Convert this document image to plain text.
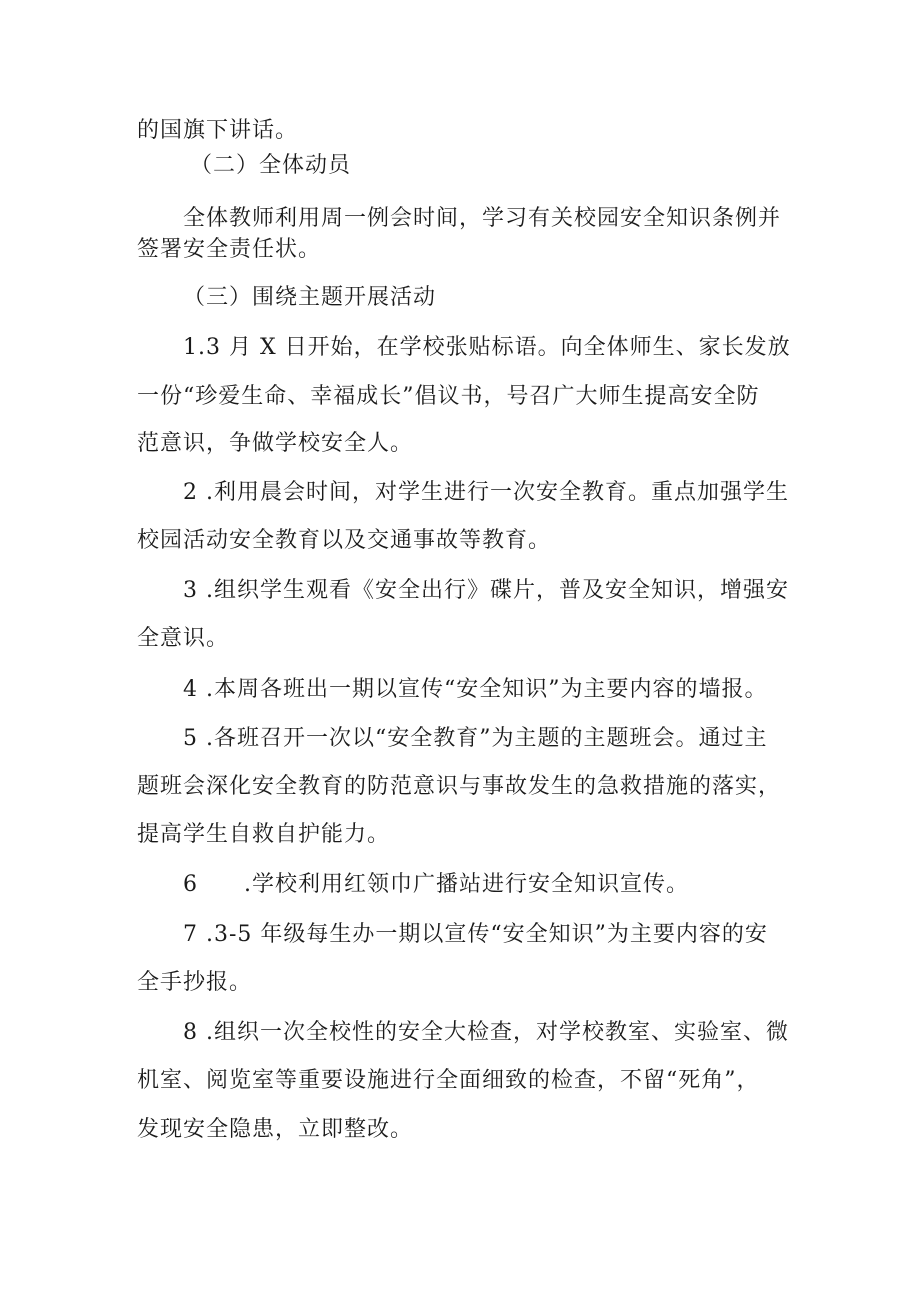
的国旗下讲话。
（二）全体动员
全体教师利用周一例会时间，学习有关校园安全知识条例并
签署安全责任状。
（三）围绕主题开展活动
1.3 月 X 日开始，在学校张贴标语。向全体师生、家长发放
一份“珍爱生命、幸福成长”倡议书，号召广大师生提高安全防
范意识，争做学校安全人。
2 .利用晨会时间，对学生进行一次安全教育。重点加强学生
校园活动安全教育以及交通事故等教育。
3 .组织学生观看《安全出行》碟片，普及安全知识，增强安
全意识。
4 .本周各班出一期以宣传“安全知识”为主要内容的墙报。
5 .各班召开一次以“安全教育”为主题的主题班会。通过主
题班会深化安全教育的防范意识与事故发生的急救措施的落实，
提高学生自救自护能力。
6　　.学校利用红领巾广播站进行安全知识宣传。
7 .3-5 年级每生办一期以宣传“安全知识”为主要内容的安
全手抄报。
8 .组织一次全校性的安全大检查，对学校教室、实验室、微
机室、阅览室等重要设施进行全面细致的检查，不留“死角”，
发现安全隐患，立即整改。
